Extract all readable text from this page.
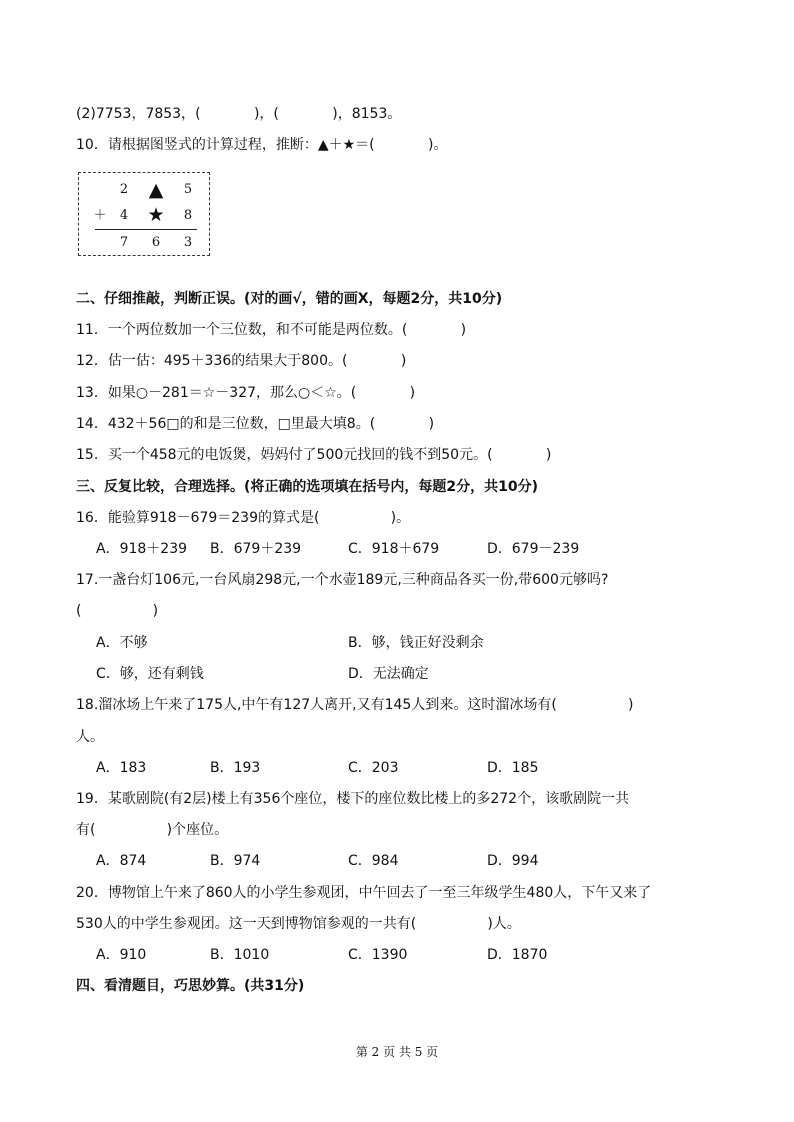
(2)7753，7853，(            )，(            )，8153。
10．请根据图竖式的计算过程，推断：▲＋★＝(            )。
2 ▲ 5
＋ 4 ★ 8
7 6 3
二、仔细推敲，判断正误。(对的画√，错的画X，每题2分，共10分)
11．一个两位数加一个三位数，和不可能是两位数。(            )
12．估一估：495＋336的结果大于800。(            )
13．如果○－281＝☆－327，那么○＜☆。(            )
14．432＋56□的和是三位数，□里最大填8。(            )
15．买一个458元的电饭煲，妈妈付了500元找回的钱不到50元。(            )
三、反复比较，合理选择。(将正确的选项填在括号内，每题2分，共10分)
16．能验算918－679＝239的算式是(                )。
A．918＋239 B．679＋239	C．918＋679	D．679－239
17.一盏台灯106元,一台风扇298元,一个水壶189元,三种商品各买一份,带600元够吗?
(                )
A．不够	B．够，钱正好没剩余
C．够，还有剩钱	D．无法确定
18.溜冰场上午来了175人,中午有127人离开,又有145人到来。这时溜冰场有(                )
人。
A．183	B．193	C．203	D．185
19．某歌剧院(有2层)楼上有356个座位，楼下的座位数比楼上的多272个，该歌剧院一共
有(                )个座位。
A．874	B．974	C．984	D．994
20．博物馆上午来了860人的小学生参观团，中午回去了一至三年级学生480人，下午又来了
530人的中学生参观团。这一天到博物馆参观的一共有(                )人。
A．910	B．1010	C．1390	D．1870
四、看清题目，巧思妙算。(共31分)
第 2 页 共 5 页
